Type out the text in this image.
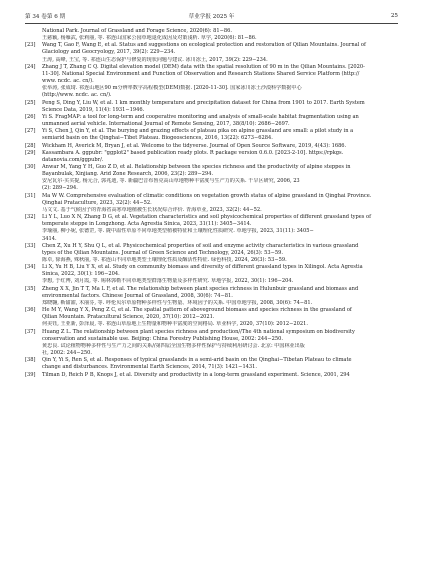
第 34 卷第 6 期	草业学报 2025 年	25
National Park. Journal of Grassland and Forage Science, 2020(6): 81−86.
王慈颖, 杨雁武, 张莉丽, 等. 祁连山国家公园草地退化成因及对策浅析. 草学, 2020(6): 81−86.
[23]	Wang T, Gao F, Wang E, et al. Status and suggestions on ecological protection and restoration of Qilian Mountains. Journal of
Glaciology and Geocryology, 2017, 39(2): 229−234.
王涛, 高峰, 王宝, 等. 祁连山生态保护与修复的现状问题与建议. 冰川冻土, 2017, 39(2): 229−234.
[24]	Zhang J T, Zhang C Q. Digital elevation model (DEM) data with the spatial resolution of 90 m in the Qilian Mountains. [2020-
11-30]. National Special Environment and Function of Observation and Research Stations Shared Service Platform (http://
www. ncdc. ac. cn/).
张举涛, 张成琦. 祁连山地区90 m分辨率数字高程模型(DEM)数据. [2020-11-30]. 国家冰川冻土沙漠科学数据中心
(http://www. ncdc. ac. cn/).
[25]	Peng S, Ding Y, Liu W, et al. 1 km monthly temperature and precipitation dataset for China from 1901 to 2017. Earth System
Science Data, 2019, 11(4): 1931−1946.
[26]	Yi S. FragMAP: a tool for long-term and cooperative monitoring and analysis of small-scale habitat fragmentation using an
unmanned aerial vehicle. International Journal of Remote Sensing, 2017, 38(8/10): 2686−2697.
[27]	Yi S, Chen J, Qin Y, et al. The burying and grazing effects of plateau pika on alpine grassland are small: a pilot study in a
semiarid basin on the Qinghai−Tibet Plateau. Biogeosciences, 2016, 13(22): 6273−6284.
[28]	Wickham H, Averick M, Bryan J, et al. Welcome to the tidyverse. Journal of Open Source Software, 2019, 4(43): 1686.
[29]	Kassambara A. ggpubr: "ggplot2" based publication ready plots. R package version 0.6.0. [2023-2-10]. https://rpkgs.
datanovia.com/ggpubr/.
[30]	Anwar M, Yang Y H, Guo Z D, et al. Relationship between the species richness and the productivity of alpine steppes in
Bayanbulak, Xinjiang. Arid Zone Research, 2006, 23(2): 289−294.
安尼瓦尔·买买提, 杨元合, 郭兆迪, 等. 新疆巴音布鲁克高山草地物种丰富度与生产力的关系. 干旱区研究, 2006, 23
(2): 289−294.
[31]	Ma W W. Comprehensive evaluation of climatic conditions on vegetation growth status of alpine grassland in Qinghai Province.
Qinghai Prataculture, 2023, 32(2): 44−52.
马文文. 基于气候因子的青海省高寒草地植被生长状况综合评价. 青海草业, 2023, 32(2): 44−52.
[32]	Li Y L, Luo X N, Zhang D G, et al. Vegetation characteristics and soil physicochemical properties of different grassland types of
temperate steppe in Longzhong. Acta Agrestia Sinica, 2023, 31(11): 3405−3414.
李瑜丽, 柳小妮, 张德罡, 等. 陇中温性草原不同草地类型植被特征和土壤理化性质研究. 草地学报, 2023, 31(11): 3405−
3414.
[33]	Chen Z, Xu H Y, Shu Q L, et al. Physicochemical properties of soil and enzyme activity characteristics in various grassland
types of the Qilian Mountains. Journal of Green Science and Technology, 2024, 26(3): 53−59.
陈卓, 徐海燕, 殊秋丽, 等. 祁连山不同草地类型土壤理化性质及酶活性特征. 绿色科技, 2024, 26(3): 53−59.
[34]	Li X, Yu H B, Liu Y X, et al. Study on community biomass and diversity of different grassland types in Xilingol. Acta Agrestia
Sinica, 2022, 30(1): 196−204.
李想, 于红博, 刘月霞, 等. 锡林郭勒不同草地类型群落生物量及多样性研究. 草地学报, 2022, 30(1): 196−204.
[35]	Zheng X X, Jin T T, Ma L F, et al. The relationship between plant species richness in Hulunbuir grassland and biomass and
environmental factors. Chinese Journal of Grassland, 2008, 30(6): 74−81.
郑晓翾, 靳甜甜, 木丽芬, 等. 呼伦贝尔草原物种多样性与生物量、环境因子的关系. 中国草地学报, 2008, 30(6): 74−81.
[36]	He M Y, Wang Y X, Peng Z C, et al. The spatial pattern of aboveground biomass and species richness in the grassland of
Qilian Mountain. Pratacultural Science, 2020, 37(10): 2012−2021.
何美钰, 王亚新, 彭泽晨, 等. 祁连山草原地上生物量和物种丰富度的空间格局. 草业科学, 2020, 37(10): 2012−2021.
[37]	Huang Z L. The relationship between plant species richness and production//The 4th national symposium on biodiversity
conservation and sustainable use. Beijing: China Forestry Publishing House, 2002: 244−250.
黄忠良. 试论植物物种多样性与生产力之间的关系//第四届全国生物多样性保护与持续利用研讨会. 北京: 中国林业出版
社, 2002: 244−250.
[38]	Qin Y, Yi S, Ren S, et al. Responses of typical grasslands in a semi-arid basin on the Qinghai−Tibetan Plateau to climate
change and disturbances. Environmental Earth Sciences, 2014, 71(3): 1421−1431.
[39]	Tilman D, Reich P B, Knops J, et al. Diversity and productivity in a long-term grassland experiment. Science, 2001, 294
